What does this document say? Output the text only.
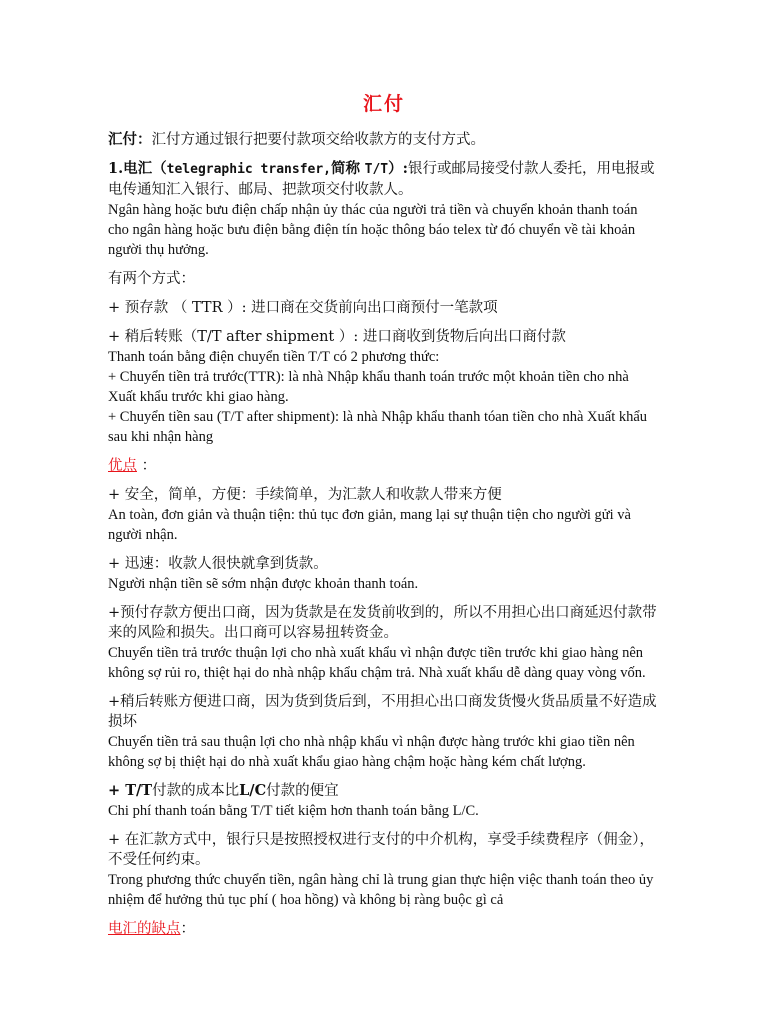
汇付

汇付：汇付方通过银行把要付款项交给收款方的支付方式。

1.电汇（telegraphic transfer,简称 T/T）:银行或邮局接受付款人委托，用电报或电传通知汇入银行、邮局、把款项交付收款人。

Ngân hàng hoặc bưu điện chấp nhận ủy thác của người trả tiền và chuyển khoản thanh toán cho ngân hàng hoặc bưu điện bằng điện tín hoặc thông báo telex từ đó chuyển về tài khoản người thụ hưởng.

有两个方式：

+ 预存款 （ TTR ）: 进口商在交货前向出口商预付一笔款项

+ 稍后转账（T/T after shipment ）: 进口商收到货物后向出口商付款

Thanh toán bằng điện chuyển tiền T/T có 2 phương thức:

+ Chuyển tiền trả trước(TTR): là nhà Nhập khẩu thanh toán trước một khoản tiền cho nhà Xuất khẩu trước khi giao hàng.

+ Chuyển tiền sau (T/T after shipment): là nhà Nhập khẩu thanh tóan tiền cho nhà Xuất khẩu sau khi nhận hàng

优点 ：

+ 安全，简单，方便：手续简单，为汇款人和收款人带来方便

An toàn, đơn giản và thuận tiện: thủ tục đơn giản, mang lại sự thuận tiện cho người gửi và người nhận.

+ 迅速：收款人很快就拿到货款。

Người nhận tiền sẽ sớm nhận được khoản thanh toán.

+预付存款方便出口商，因为货款是在发货前收到的，所以不用担心出口商延迟付款带来的风险和损失。出口商可以容易扭转资金。

Chuyển tiền trả trước thuận lợi cho nhà xuất khẩu vì nhận được tiền trước khi giao hàng nên không sợ rủi ro, thiệt hại do nhà nhập khẩu chậm trả. Nhà xuất khẩu dễ dàng quay vòng vốn.

+稍后转账方便进口商，因为货到货后到，不用担心出口商发货慢火货品质量不好造成损坏

Chuyển tiền trả sau thuận lợi cho nhà nhập khẩu vì nhận được hàng trước khi giao tiền nên không sợ bị thiệt hại do nhà xuất khẩu giao hàng chậm hoặc hàng kém chất lượng.

+ T/T付款的成本比L/C付款的便宜

Chi phí thanh toán bằng T/T tiết kiệm hơn thanh toán bằng L/C.

+ 在汇款方式中，银行只是按照授权进行支付的中介机构，享受手续费程序（佣金），不受任何约束。

Trong phương thức chuyển tiền, ngân hàng chỉ là trung gian thực hiện việc thanh toán theo ủy nhiệm để hưởng thủ tục phí ( hoa hồng) và không bị ràng buộc gì cả

电汇的缺点：
